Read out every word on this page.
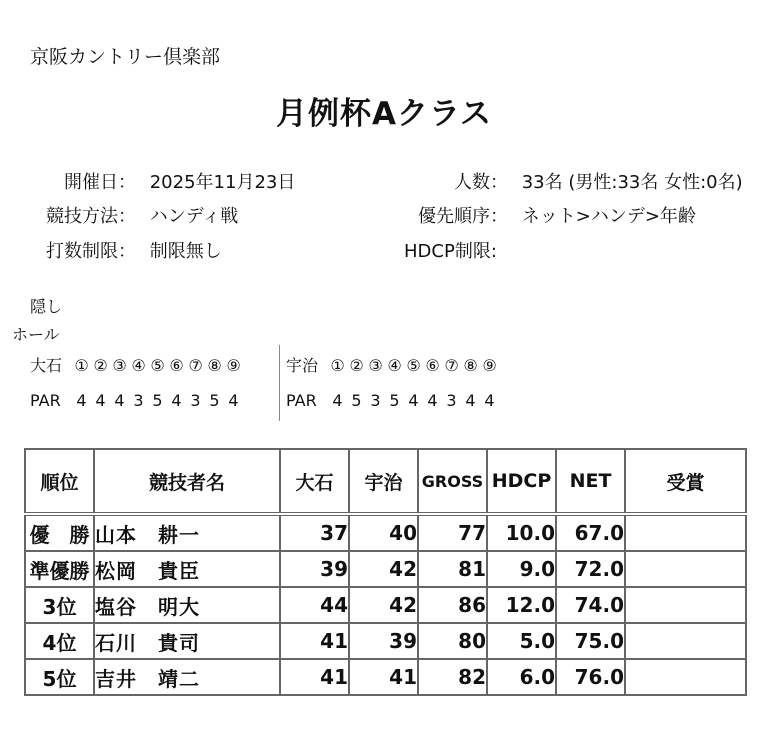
京阪カントリー倶楽部
月例杯Aクラス
開催日： 2025年11月23日
競技方法： ハンディ戦
打数制限： 制限無し
人数： 33名 (男性:33名 女性:0名)
優先順序： ネット>ハンデ>年齢
HDCP制限:
隠し
ホール
大石 ① ② ③ ④ ⑤ ⑥ ⑦ ⑧ ⑨	宇治 ① ② ③ ④ ⑤ ⑥ ⑦ ⑧ ⑨
PAR 4 4 4 3 5 4 3 5 4	PAR 4 5 3 5 4 4 3 4 4
順位	競技者名	大石	宇治	GROSS	HDCP	NET	受賞
優　勝	山本　耕一	37	40	77	10.0	67.0	
準優勝	松岡　貴臣	39	42	81	9.0	72.0	
3位	塩谷　明大	44	42	86	12.0	74.0	
4位	石川　貴司	41	39	80	5.0	75.0	
5位	吉井　靖二	41	41	82	6.0	76.0	
